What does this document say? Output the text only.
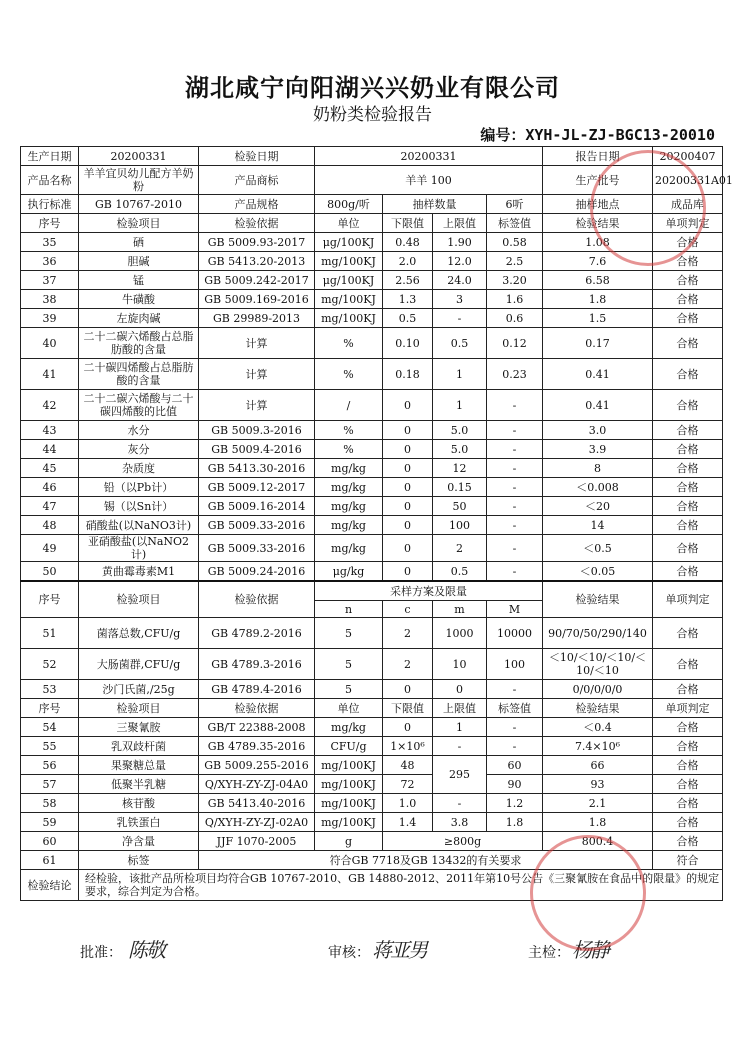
湖北咸宁向阳湖兴兴奶业有限公司
奶粉类检验报告
编号：XYH-JL-ZJ-BGC13-20010
生产日期	20200331	检验日期	20200331				报告日期	20200407
产品名称	羊羊宜贝幼儿配方羊奶粉	产品商标	羊羊 100				生产批号	20200331A01
执行标准	GB 10767-2010	产品规格	800g/听	抽样数量		6听	抽样地点	成品库
序号	检验项目	检验依据	单位	下限值	上限值	标签值	检验结果	单项判定
35	硒	GB 5009.93-2017	μg/100KJ	0.48	1.90	0.58	1.08	合格
36	胆碱	GB 5413.20-2013	mg/100KJ	2.0	12.0	2.5	7.6	合格
37	锰	GB 5009.242-2017	μg/100KJ	2.56	24.0	3.20	6.58	合格
38	牛磺酸	GB 5009.169-2016	mg/100KJ	1.3	3	1.6	1.8	合格
39	左旋肉碱	GB 29989-2013	mg/100KJ	0.5	-	0.6	1.5	合格
40	二十二碳六烯酸占总脂肪酸的含量	计算	%	0.10	0.5	0.12	0.17	合格
41	二十碳四烯酸占总脂肪酸的含量	计算	%	0.18	1	0.23	0.41	合格
42	二十二碳六烯酸与二十碳四烯酸的比值	计算	/	0	1	-	0.41	合格
43	水分	GB 5009.3-2016	%	0	5.0	-	3.0	合格
44	灰分	GB 5009.4-2016	%	0	5.0	-	3.9	合格
45	杂质度	GB 5413.30-2016	mg/kg	0	12	-	8	合格
46	铅（以Pb计）	GB 5009.12-2017	mg/kg	0	0.15	-	＜0.008	合格
47	锡（以Sn计）	GB 5009.16-2014	mg/kg	0	50	-	＜20	合格
48	硝酸盐(以NaNO3计)	GB 5009.33-2016	mg/kg	0	100	-	14	合格
49	亚硝酸盐(以NaNO2计)	GB 5009.33-2016	mg/kg	0	2	-	＜0.5	合格
50	黄曲霉毒素M1	GB 5009.24-2016	μg/kg	0	0.5	-	＜0.05	合格
序号	检验项目	检验依据	采样方案及限量				检验结果	单项判定
			n	c	m	M		
51	菌落总数,CFU/g	GB 4789.2-2016	5	2	1000	10000	90/70/50/290/140	合格
52	大肠菌群,CFU/g	GB 4789.3-2016	5	2	10	100	＜10/＜10/＜10/＜10/＜10	合格
53	沙门氏菌,/25g	GB 4789.4-2016	5	0	0	-	0/0/0/0/0	合格
序号	检验项目	检验依据	单位	下限值	上限值	标签值	检验结果	单项判定
54	三聚氰胺	GB/T 22388-2008	mg/kg	0	1	-	＜0.4	合格
55	乳双歧杆菌	GB 4789.35-2016	CFU/g	1×10⁶	-	-	7.4×10⁶	合格
56	果聚糖总量	GB 5009.255-2016	mg/100KJ	48	295	60	66	合格
57	低聚半乳糖	Q/XYH-ZY-ZJ-04A0	mg/100KJ	72		90	93	合格
58	核苷酸	GB 5413.40-2016	mg/100KJ	1.0	-	1.2	2.1	合格
59	乳铁蛋白	Q/XYH-ZY-ZJ-02A0	mg/100KJ	1.4	3.8	1.8	1.8	合格
60	净含量	JJF 1070-2005	g	≥800g			800.4	合格
61	标签	符合GB 7718及GB 13432的有关要求						符合
检验结论	经检验，该批产品所检项目均符合GB 10767-2010、GB 14880-2012、2011年第10号公告《三聚氰胺在食品中的限量》的规定要求，综合判定为合格。							
批准： 陈敬	审核： 蒋亚男	主检： 杨静
